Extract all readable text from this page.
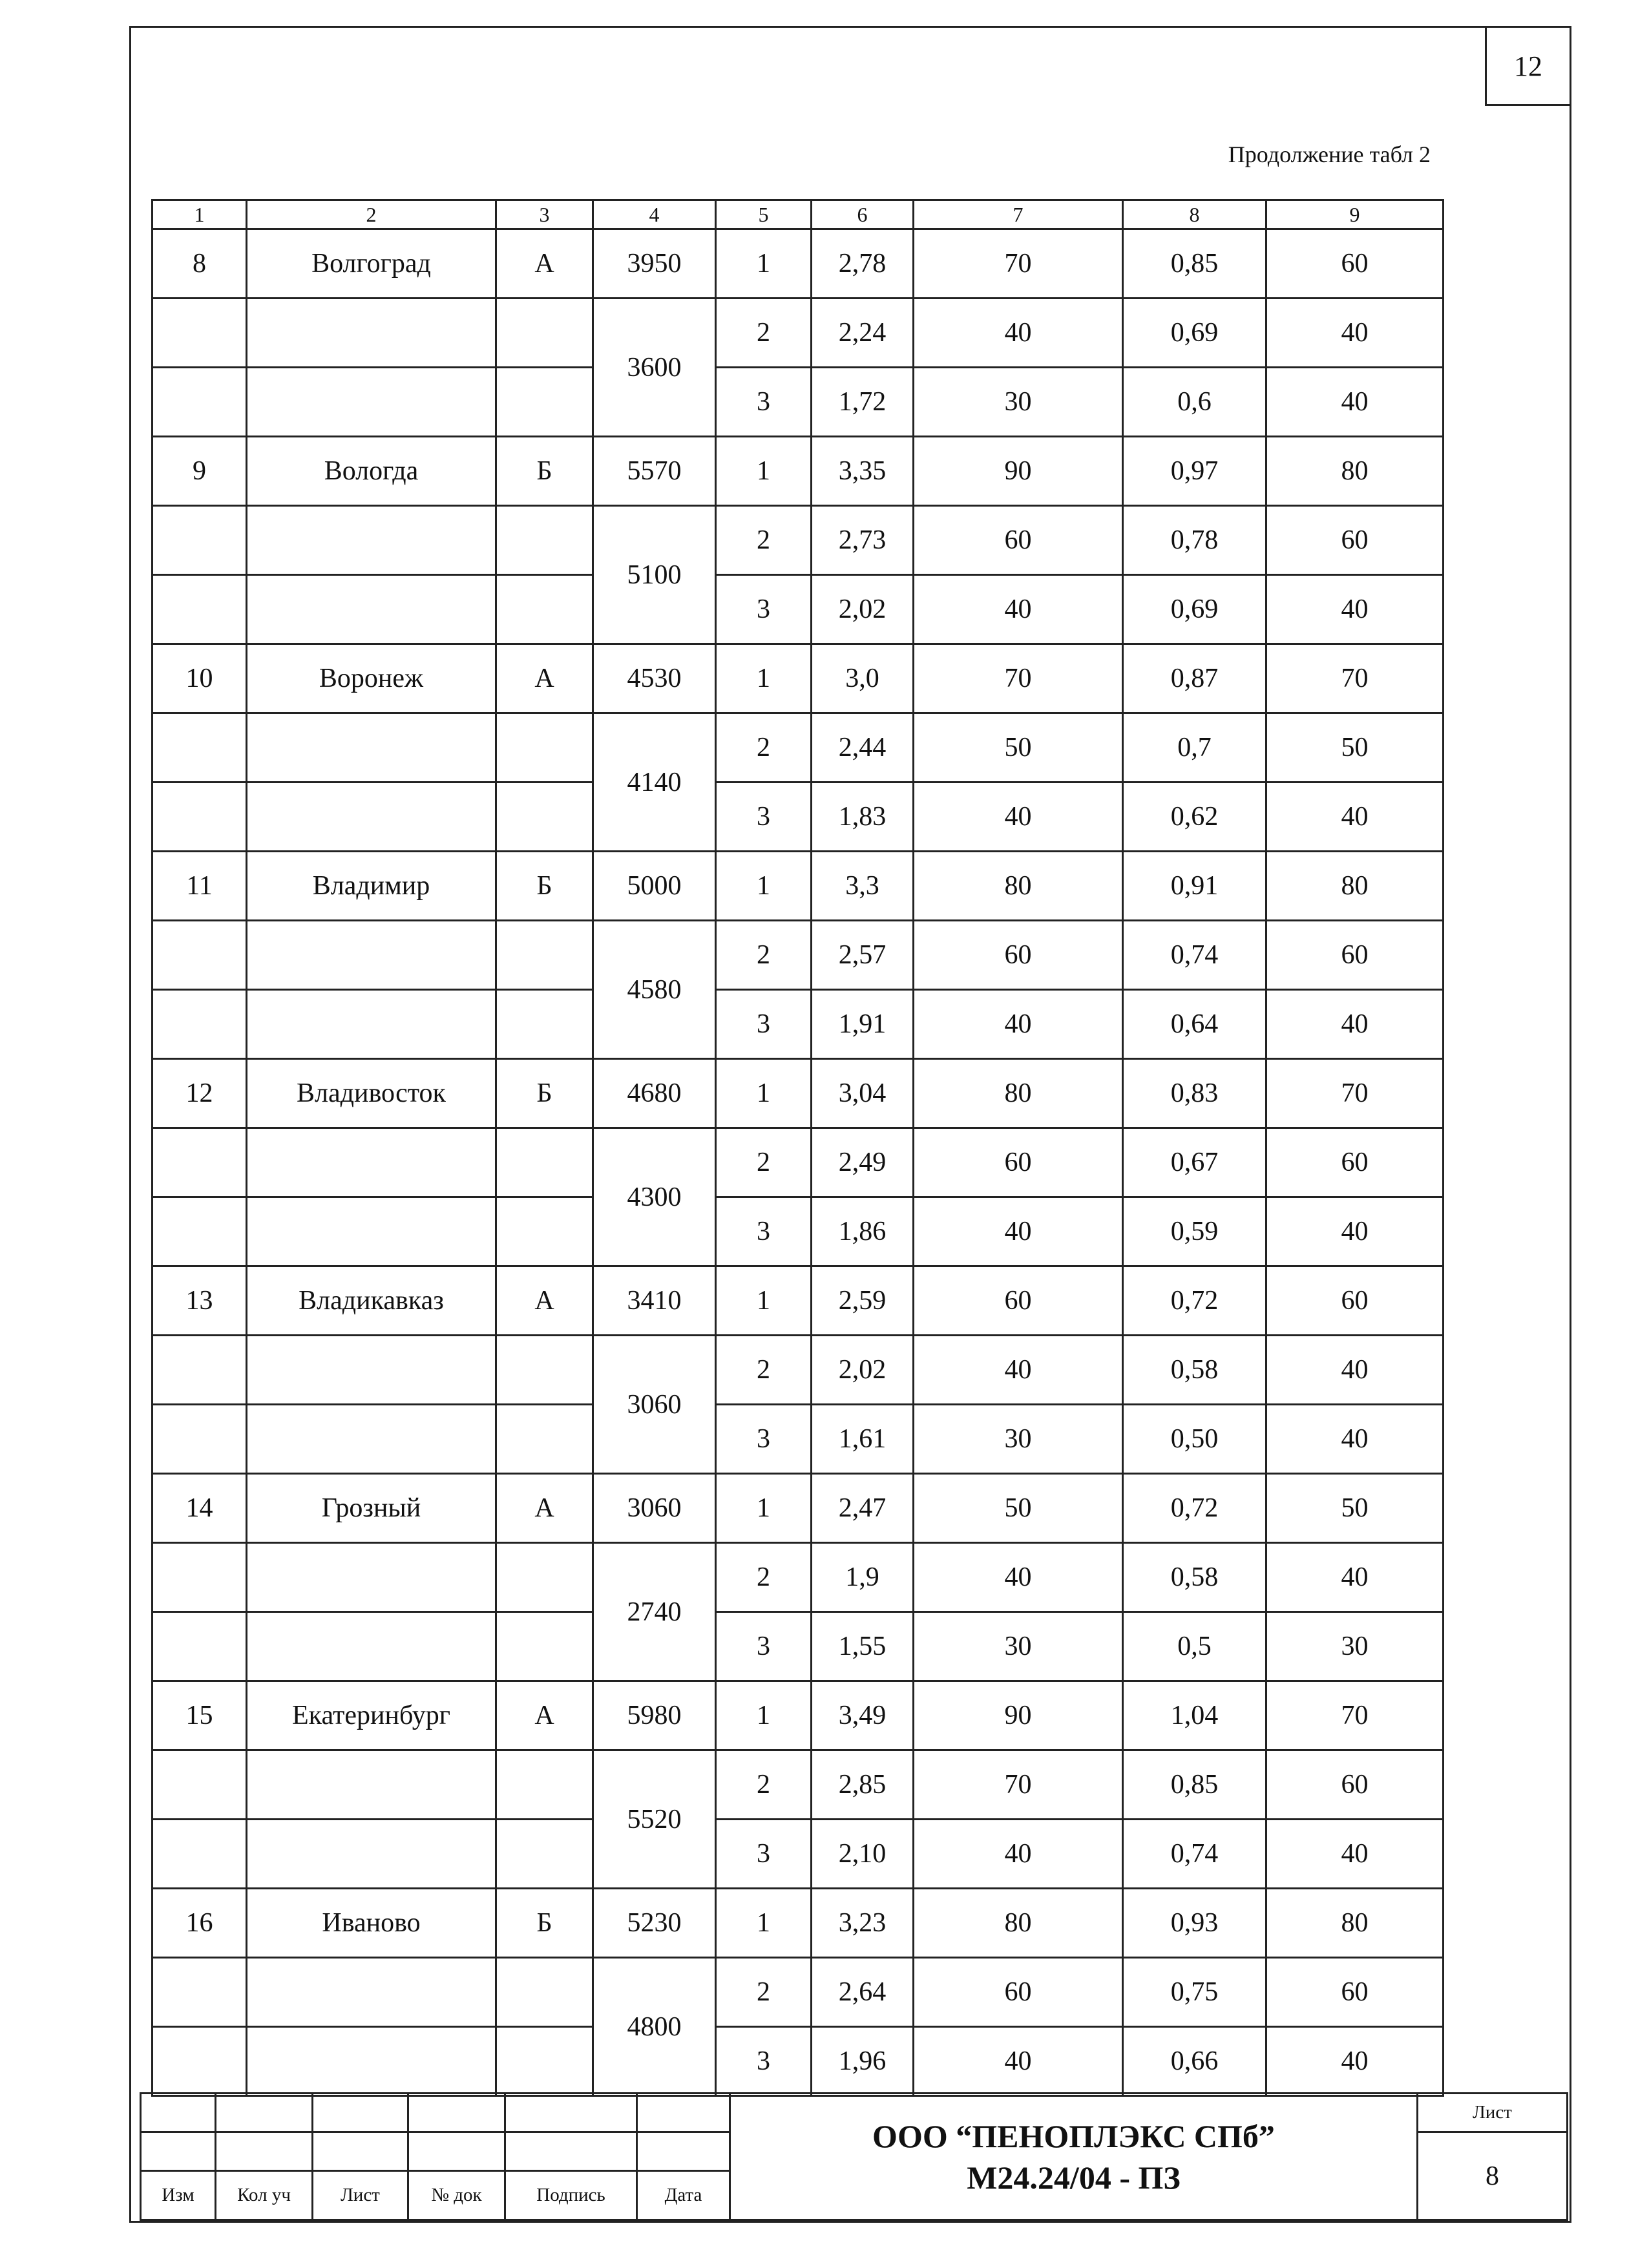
12
Продолжение табл 2
1	2	3	4	5	6	7	8	9
8	Волгоград	А	3950	1	2,78	70	0,85	60
			3600	2	2,24	40	0,69	40
				3	1,72	30	0,6	40
9	Вологда	Б	5570	1	3,35	90	0,97	80
			5100	2	2,73	60	0,78	60
				3	2,02	40	0,69	40
10	Воронеж	А	4530	1	3,0	70	0,87	70
			4140	2	2,44	50	0,7	50
				3	1,83	40	0,62	40
11	Владимир	Б	5000	1	3,3	80	0,91	80
			4580	2	2,57	60	0,74	60
				3	1,91	40	0,64	40
12	Владивосток	Б	4680	1	3,04	80	0,83	70
			4300	2	2,49	60	0,67	60
				3	1,86	40	0,59	40
13	Владикавказ	А	3410	1	2,59	60	0,72	60
			3060	2	2,02	40	0,58	40
				3	1,61	30	0,50	40
14	Грозный	А	3060	1	2,47	50	0,72	50
			2740	2	1,9	40	0,58	40
				3	1,55	30	0,5	30
15	Екатеринбург	А	5980	1	3,49	90	1,04	70
			5520	2	2,85	70	0,85	60
				3	2,10	40	0,74	40
16	Иваново	Б	5230	1	3,23	80	0,93	80
			4800	2	2,64	60	0,75	60
				3	1,96	40	0,66	40

						ООО “ПЕНОПЛЭКС СПб”
М24.24/04 - ПЗ	Лист
							8
Изм	Кол уч	Лист	№ док	Подпись	Дата		
